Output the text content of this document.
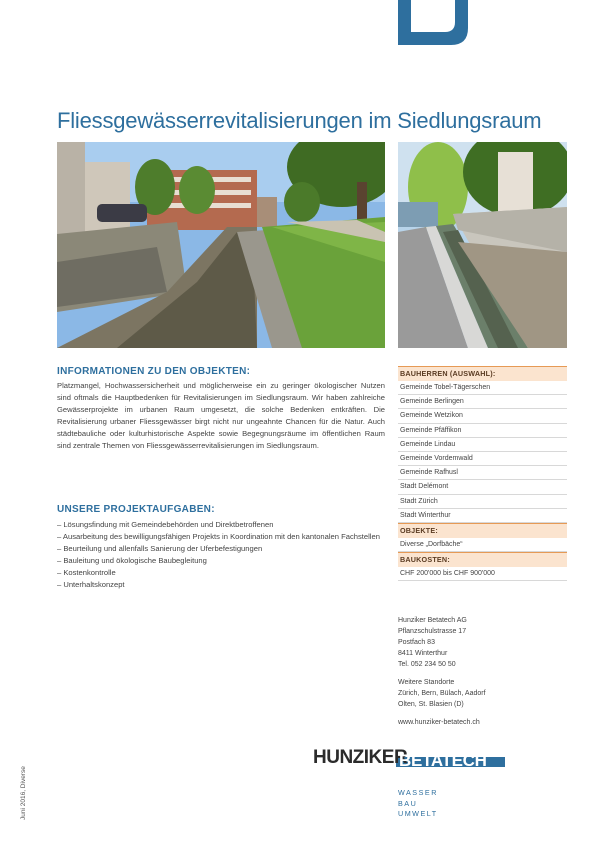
Fliessgewässerrevitalisierungen im Siedlungsraum
INFORMATIONEN ZU DEN OBJEKTEN:

Platzmangel, Hochwassersicherheit und möglicherweise ein zu geringer ökologischer Nutzen sind oftmals die Hauptbedenken für Revitalisierungen im Siedlungsraum. Wir haben zahlreiche Gewässerprojekte im urbanen Raum umgesetzt, die solche Bedenken entkräften. Die Revitalisierung urbaner Fliessgewässer birgt nicht nur ungeahnte Chancen für die Natur. Auch städtebauliche oder kulturhistorische Aspekte sowie Begegnungsräume im öffentlichen Raum sind zentrale Themen von Fliessgewässerrevitalisierungen im Siedlungsraum.

UNSERE PROJEKTAUFGABEN:
– Lösungsfindung mit Gemeindebehörden und Direktbetroffenen
– Ausarbeitung des bewilligungsfähigen Projekts in Koordination mit den kantonalen Fachstellen
– Beurteilung und allenfalls Sanierung der Uferbefestigungen
– Bauleitung und ökologische Baubegleitung
– Kostenkontrolle
– Unterhaltskonzept
BAUHERREN (AUSWAHL):
Gemeinde Tobel-Tägerschen
Gemeinde Berlingen
Gemeinde Wetzikon
Gemeinde Pfäffikon
Gemeinde Lindau
Gemeinde Vordemwald
Gemeinde Rafhusl
Stadt Delémont
Stadt Zürich
Stadt Winterthur
OBJEKTE:
Diverse „Dorfbäche“
BAUKOSTEN:
CHF 200'000 bis CHF 900'000
Hunziker Betatech AG
Pflanzschulstrasse 17
Postfach 83
8411 Winterthur
Tel. 052 234 50 50
Weitere Standorte
Zürich, Bern, Bülach, Aadorf
Olten, St. Blasien (D)
www.hunziker-betatech.ch
HUNZIKER
BETATECH
WASSER
BAU
UMWELT
Juni 2016, Diverse
